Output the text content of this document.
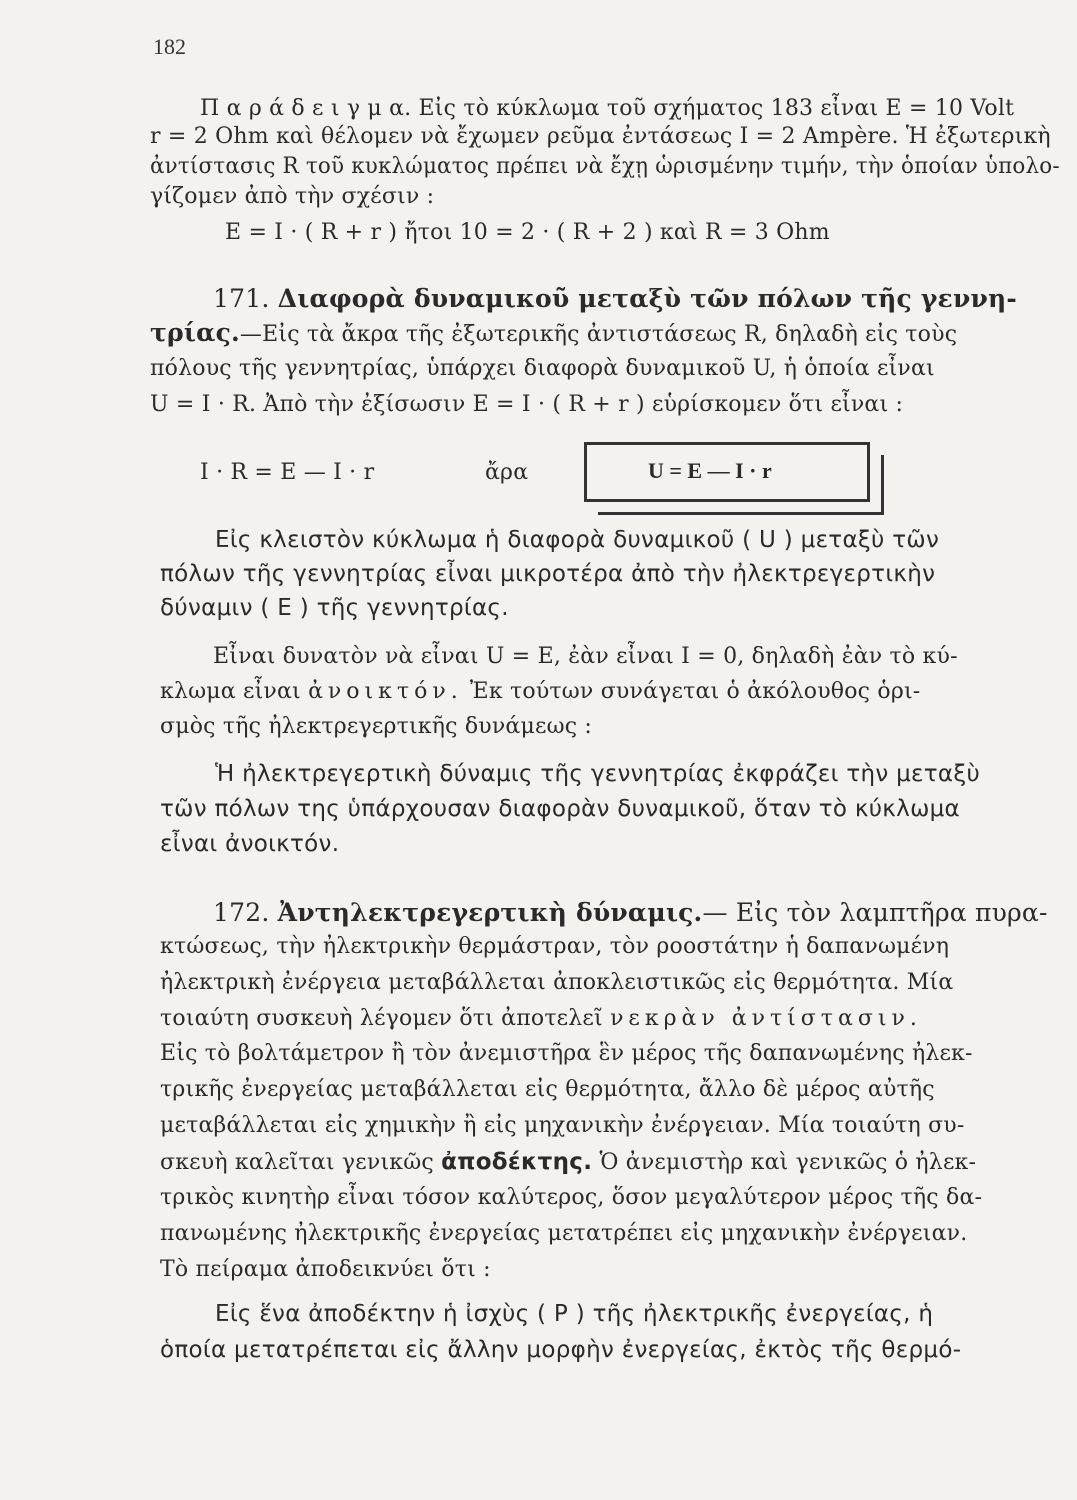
182
Π α ρ ά δ ε ι γ μ α. Εἰς τὸ κύκλωμα τοῦ σχήματος 183 εἶναι E = 10 Volt
r = 2 Ohm καὶ θέλομεν νὰ ἔχωμεν ρεῦμα ἐντάσεως I = 2 Ampère. Ἡ ἐξωτερικὴ
ἀντίστασις R τοῦ κυκλώματος πρέπει νὰ ἔχῃ ὡρισμένην τιμήν, τὴν ὁποίαν ὑπολο-
γίζομεν ἀπὸ τὴν σχέσιν :
E = I · ( R + r ) ἤτοι 10 = 2 · ( R + 2 ) καὶ R = 3 Ohm
171. Διαφορὰ δυναμικοῦ μεταξὺ τῶν πόλων τῆς γεννη-
τρίας.—Εἰς τὰ ἄκρα τῆς ἐξωτερικῆς ἀντιστάσεως R, δηλαδὴ εἰς τοὺς
πόλους τῆς γεννητρίας, ὑπάρχει διαφορὰ δυναμικοῦ U, ἡ ὁποία εἶναι
U = I · R. Ἀπὸ τὴν ἐξίσωσιν E = I · ( R + r ) εὑρίσκομεν ὅτι εἶναι :
I · R = E — I · r	ἄρα	U = E — I · r
Εἰς κλειστὸν κύκλωμα ἡ διαφορὰ δυναμικοῦ ( U ) μεταξὺ τῶν
πόλων τῆς γεννητρίας εἶναι μικροτέρα ἀπὸ τὴν ἠλεκτρεγερτικὴν
δύναμιν ( E ) τῆς γεννητρίας.
Εἶναι δυνατὸν νὰ εἶναι U = E, ἐὰν εἶναι I = 0, δηλαδὴ ἐὰν τὸ κύ-
κλωμα εἶναι ἀνοικτόν. Ἐκ τούτων συνάγεται ὁ ἀκόλουθος ὁρι-
σμὸς τῆς ἠλεκτρεγερτικῆς δυνάμεως :
Ἡ ἠλεκτρεγερτικὴ δύναμις τῆς γεννητρίας ἐκφράζει τὴν μεταξὺ
τῶν πόλων της ὑπάρχουσαν διαφορὰν δυναμικοῦ, ὅταν τὸ κύκλωμα
εἶναι ἀνοικτόν.
172. Ἀντηλεκτρεγερτικὴ δύναμις.— Εἰς τὸν λαμπτῆρα πυρα-
κτώσεως, τὴν ἠλεκτρικὴν θερμάστραν, τὸν ροοστάτην ἡ δαπανωμένη
ἠλεκτρικὴ ἐνέργεια μεταβάλλεται ἀποκλειστικῶς εἰς θερμότητα. Μία
τοιαύτη συσκευὴ λέγομεν ὅτι ἀποτελεῖ νεκρὰν ἀντίστασιν.
Εἰς τὸ βολτάμετρον ἢ τὸν ἀνεμιστῆρα ἓν μέρος τῆς δαπανωμένης ἠλεκ-
τρικῆς ἐνεργείας μεταβάλλεται εἰς θερμότητα, ἄλλο δὲ μέρος αὐτῆς
μεταβάλλεται εἰς χημικὴν ἢ εἰς μηχανικὴν ἐνέργειαν. Μία τοιαύτη συ-
σκευὴ καλεῖται γενικῶς ἀποδέκτης. Ὁ ἀνεμιστὴρ καὶ γενικῶς ὁ ἠλεκ-
τρικὸς κινητὴρ εἶναι τόσον καλύτερος, ὅσον μεγαλύτερον μέρος τῆς δα-
πανωμένης ἠλεκτρικῆς ἐνεργείας μετατρέπει εἰς μηχανικὴν ἐνέργειαν.
Τὸ πείραμα ἀποδεικνύει ὅτι :
Εἰς ἕνα ἀποδέκτην ἡ ἰσχὺς ( P ) τῆς ἠλεκτρικῆς ἐνεργείας, ἡ
ὁποία μετατρέπεται εἰς ἄλλην μορφὴν ἐνεργείας, ἐκτὸς τῆς θερμό-
